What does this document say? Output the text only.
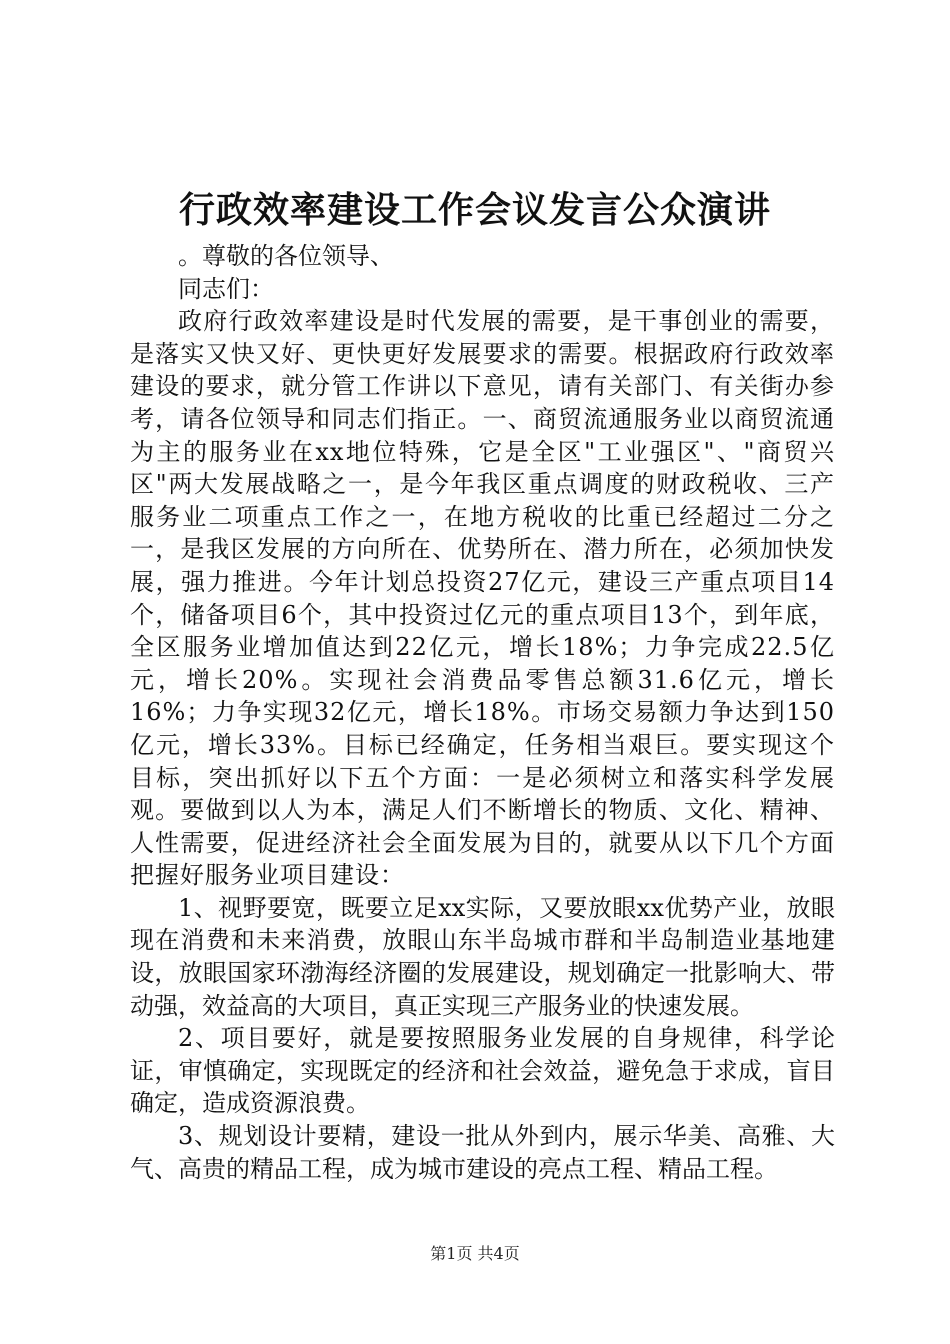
行政效率建设工作会议发言公众演讲

。尊敬的各位领导、

同志们：

政府行政效率建设是时代发展的需要，是干事创业的需要，是落实又快又好、更快更好发展要求的需要。根据政府行政效率建设的要求，就分管工作讲以下意见，请有关部门、有关街办参考，请各位领导和同志们指正。一、商贸流通服务业以商贸流通为主的服务业在xx地位特殊，它是全区"工业强区"、"商贸兴区"两大发展战略之一，是今年我区重点调度的财政税收、三产服务业二项重点工作之一，在地方税收的比重已经超过二分之一，是我区发展的方向所在、优势所在、潜力所在，必须加快发展，强力推进。今年计划总投资27亿元，建设三产重点项目14个，储备项目6个，其中投资过亿元的重点项目13个，到年底，全区服务业增加值达到22亿元，增长18%；力争完成22.5亿元，增长20%。实现社会消费品零售总额31.6亿元，增长16%；力争实现32亿元，增长18%。市场交易额力争达到150亿元，增长33%。目标已经确定，任务相当艰巨。要实现这个目标，突出抓好以下五个方面：一是必须树立和落实科学发展观。要做到以人为本，满足人们不断增长的物质、文化、精神、人性需要，促进经济社会全面发展为目的，就要从以下几个方面把握好服务业项目建设：

1、视野要宽，既要立足xx实际，又要放眼xx优势产业，放眼现在消费和未来消费，放眼山东半岛城市群和半岛制造业基地建设，放眼国家环渤海经济圈的发展建设，规划确定一批影响大、带动强，效益高的大项目，真正实现三产服务业的快速发展。

2、项目要好，就是要按照服务业发展的自身规律，科学论证，审慎确定，实现既定的经济和社会效益，避免急于求成，盲目确定，造成资源浪费。

3、规划设计要精，建设一批从外到内，展示华美、高雅、大气、高贵的精品工程，成为城市建设的亮点工程、精品工程。

第1页 共4页
